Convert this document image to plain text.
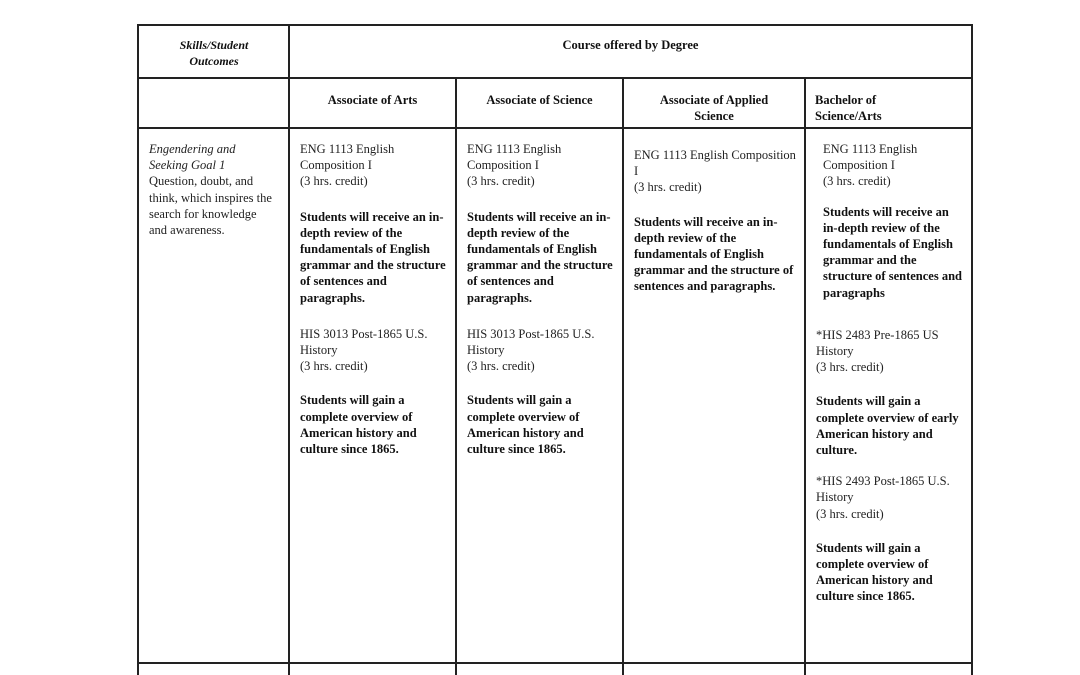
Skills/Student Outcomes
Course offered by Degree
Associate of Arts	Associate of Science	Associate of Applied Science
Bachelor of Science/Arts
Engendering and Seeking Goal 1
Question, doubt, and think, which inspires the search for knowledge and awareness.
ENG 1113 English Composition I
(3 hrs. credit)
Students will receive an in-depth review of the fundamentals of English grammar and the structure of sentences and paragraphs.
HIS 3013 Post-1865 U.S. History
(3 hrs. credit)
Students will gain a complete overview of American history and culture since 1865.
ENG 1113 English Composition I
(3 hrs. credit)
Students will receive an in-depth review of the fundamentals of English grammar and the structure of sentences and paragraphs.
HIS 3013 Post-1865 U.S. History
(3 hrs. credit)
Students will gain a complete overview of American history and culture since 1865.
ENG 1113 English Composition I
(3 hrs. credit)
Students will receive an in-depth review of the fundamentals of English grammar and the structure of sentences and paragraphs.
ENG 1113 English Composition I
(3 hrs. credit)
Students will receive an in-depth review of the fundamentals of English grammar and the structure of sentences and paragraphs
*HIS 2483 Pre-1865 US History
(3 hrs. credit)
Students will gain a complete overview of early American history and culture.
*HIS 2493 Post-1865 U.S. History
(3 hrs. credit)
Students will gain a complete overview of American history and culture since 1865.
